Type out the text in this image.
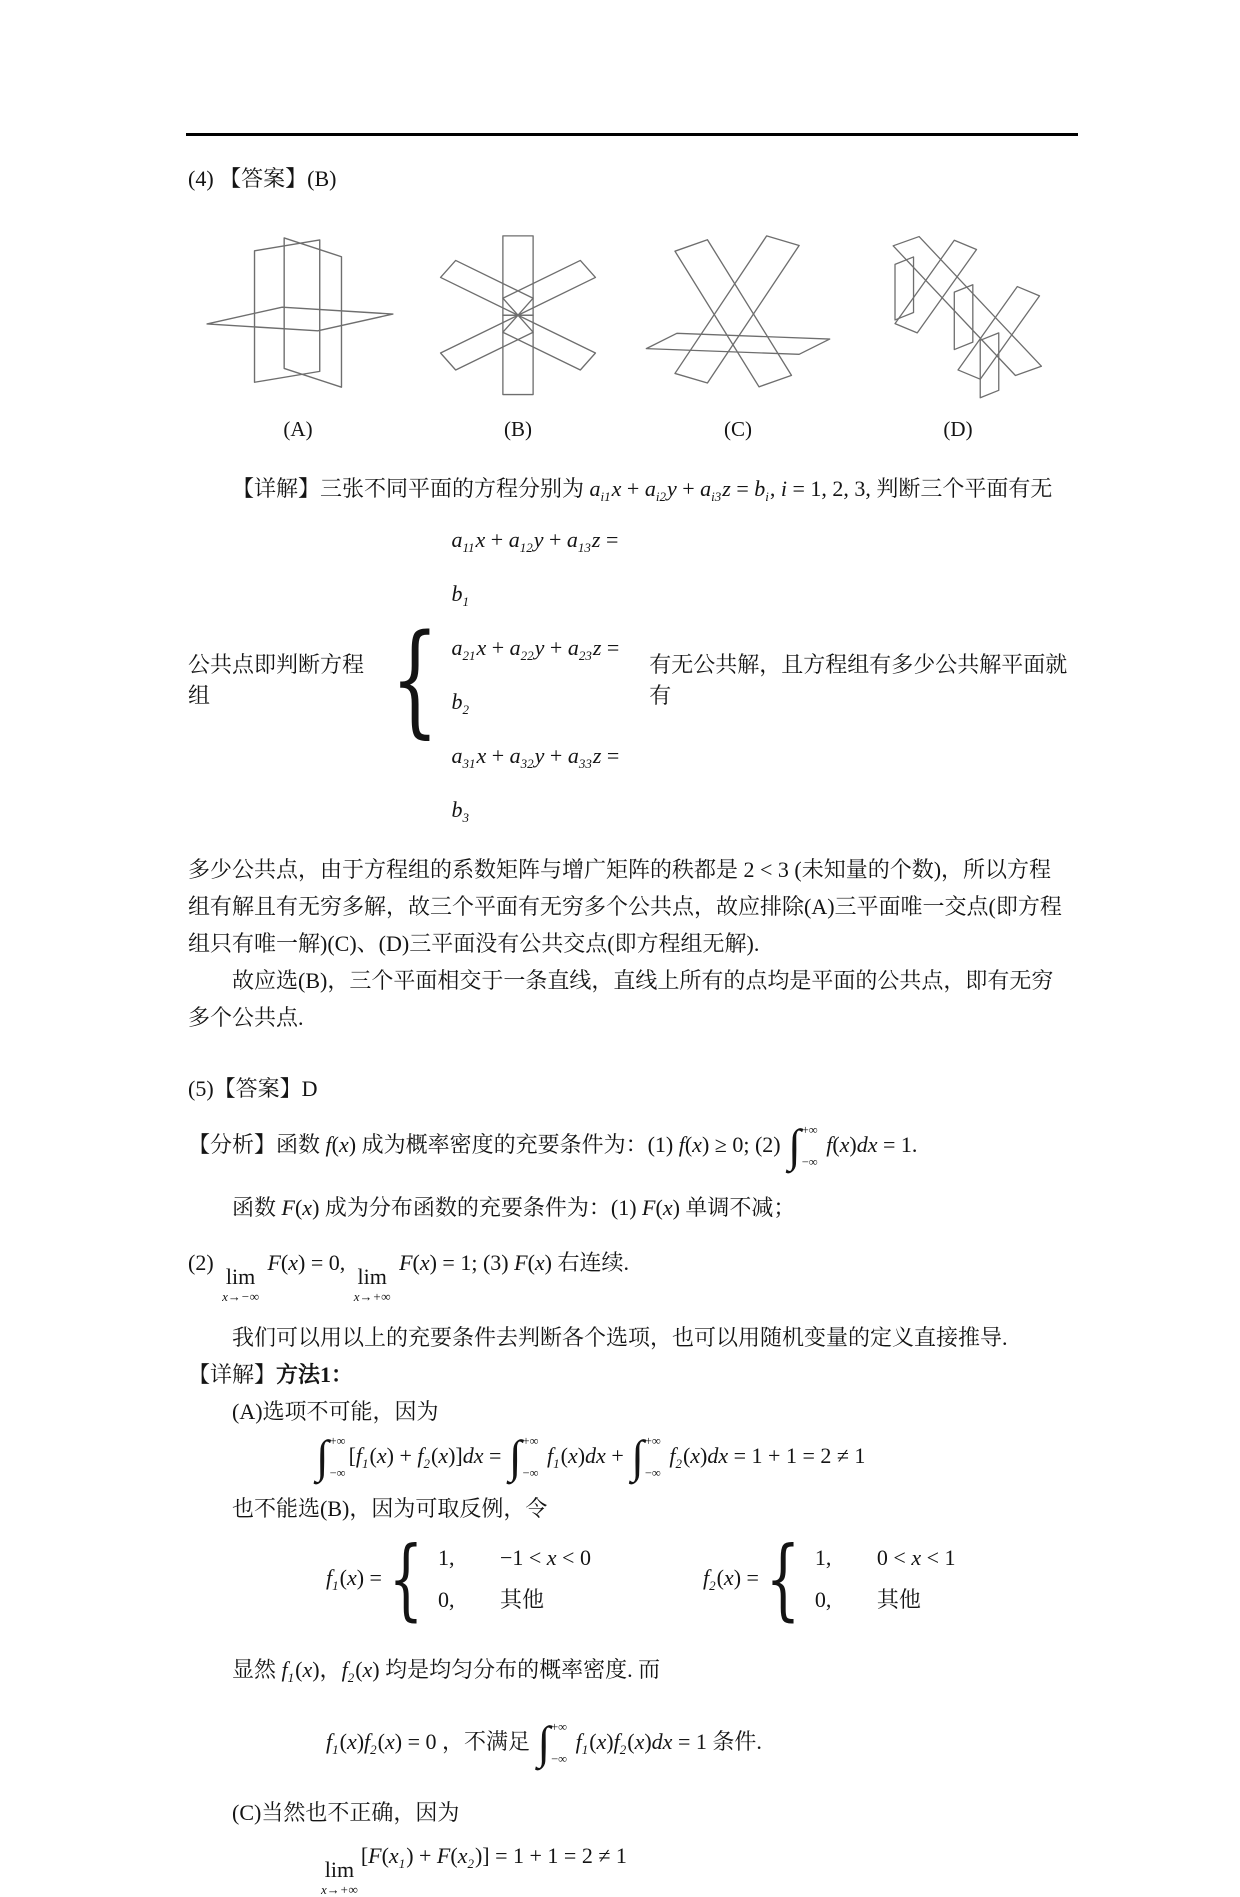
(4) 【答案】(B)
(A)	(B)	(C)	(D)
【详解】三张不同平面的方程分别为 $a_{i1}x + a_{i2}y + a_{i3}z = b_i$, i = 1, 2, 3, 判断三个平面有无
公共点即判断方程组	{
$a_{11}x + a_{12}y + a_{13}z = b_1$
$a_{21}x + a_{22}y + a_{23}z = b_2$
$a_{31}x + a_{32}y + a_{33}z = b_3$
有无公共解，且方程组有多少公共解平面就有
多少公共点，由于方程组的系数矩阵与增广矩阵的秩都是 2 < 3 (未知量的个数)，所以方程
组有解且有无穷多解，故三个平面有无穷多个公共点，故应排除(A)三平面唯一交点(即方程
组只有唯一解)(C)、(D)三平面没有公共交点(即方程组无解).
故应选(B)，三个平面相交于一条直线，直线上所有的点均是平面的公共点，即有无穷
多个公共点.
(5)【答案】D
【分析】函数 f(x) 成为概率密度的充要条件为：(1) f(x) ≥ 0; (2) ∫ +∞
−∞
f(x)dx = 1.
函数 F(x) 成为分布函数的充要条件为：(1) F(x) 单调不减；
(2)
lim
x→−∞
F(x) = 0,
lim
x→+∞
F(x) = 1; (3) F(x) 右连续.
我们可以用以上的充要条件去判断各个选项，也可以用随机变量的定义直接推导.
【详解】方法1：
(A)选项不可能，因为
∫ +∞
−∞
$[f_1(x) + f_2(x)]dx$ = ∫ +∞
−∞
$f_1(x)dx$ + ∫ +∞
−∞
$f_2(x)dx = 1 + 1 = 2 \ne 1$
也不能选(B)，因为可取反例，令
$f_1(x)$ = { 1,	−1 < x < 0
0,	其他
$f_2(x)$ = { 1,	0 < x < 1
0,	其他
显然 $f_1(x)$，$f_2(x)$ 均是均匀分布的概率密度. 而
$f_1(x)f_2(x) = 0$ ，不满足 ∫ +∞
−∞
$f_1(x)f_2(x)dx = 1$ 条件.
(C)当然也不正确，因为
lim
x→+∞
$[F(x_1) + F(x_2)] = 1 + 1 = 2 \ne 1$
